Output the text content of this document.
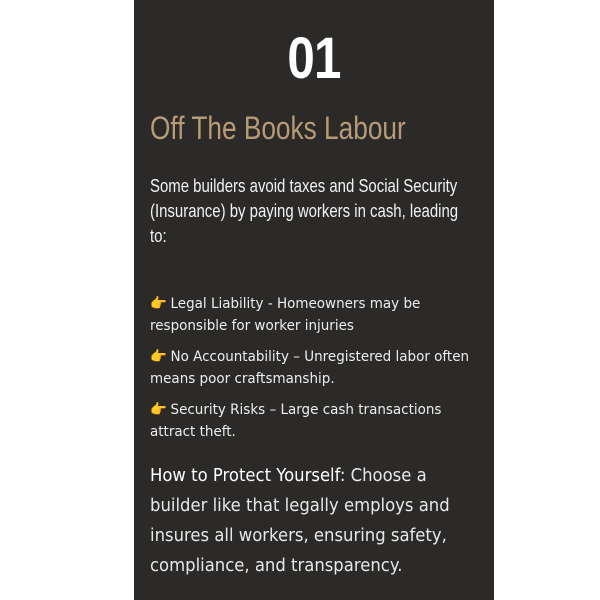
01
Off The Books Labour
Some builders avoid taxes and Social Security (Insurance) by paying workers in cash, leading to:
👉 Legal Liability - Homeowners may be responsible for worker injuries
👉 No Accountability – Unregistered labor often means poor craftsmanship.
👉 Security Risks – Large cash transactions attract theft.
How to Protect Yourself: Choose a builder like that legally employs and insures all workers, ensuring safety, compliance, and transparency.
